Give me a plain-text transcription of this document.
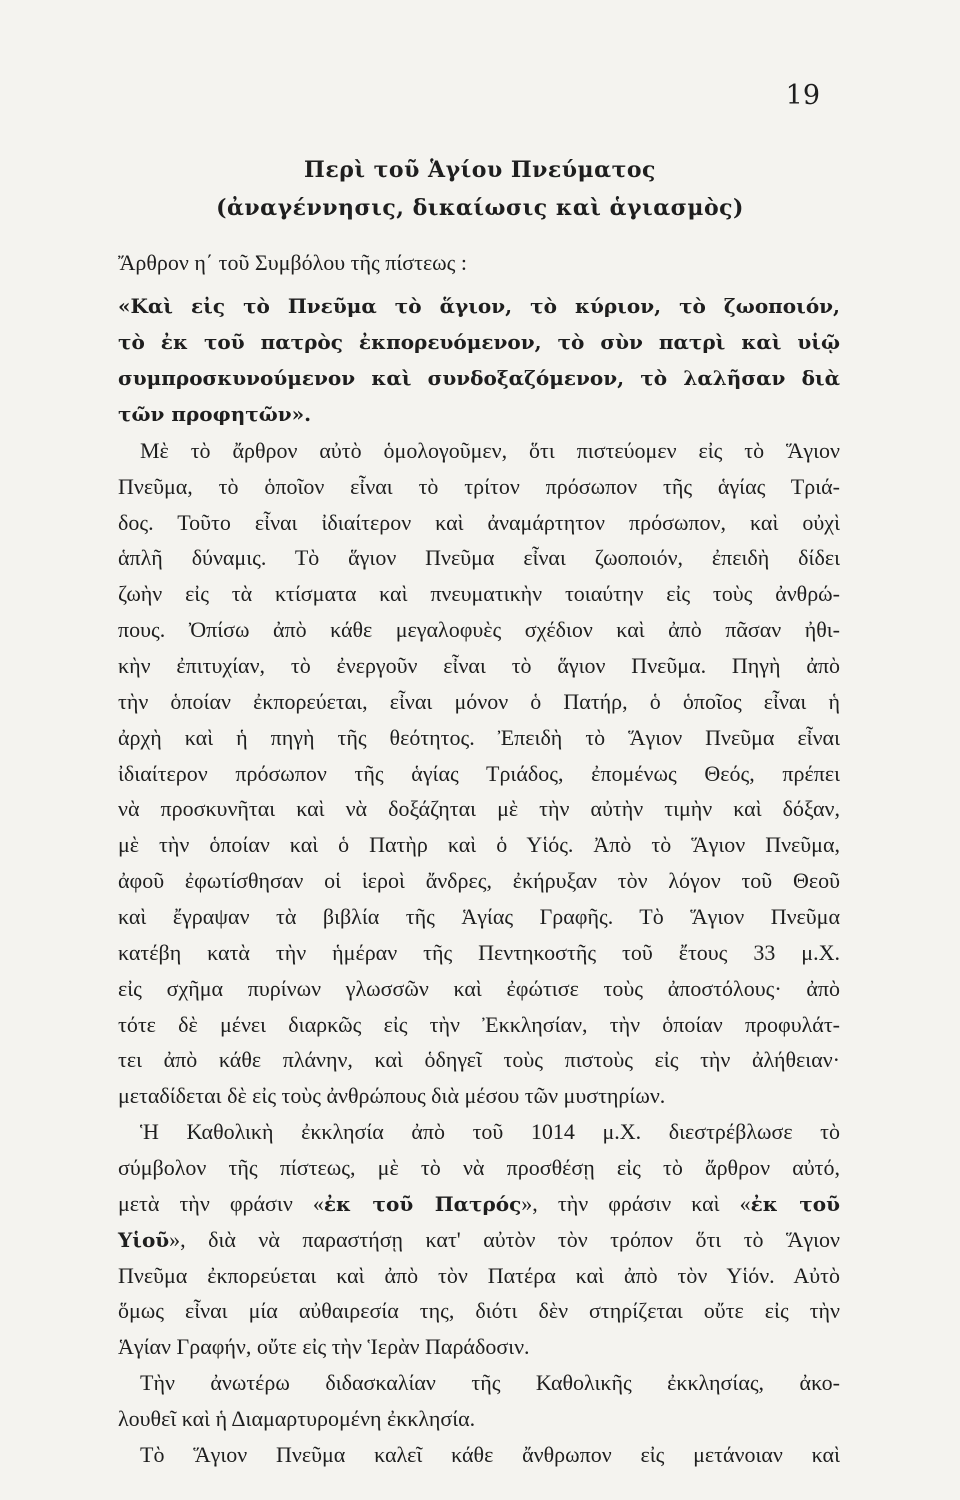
19
Περὶ τοῦ Ἁγίου Πνεύματος
(ἀναγέννησις, δικαίωσις καὶ ἁγιασμὸς)
Ἄρθρον η΄ τοῦ Συμβόλου τῆς πίστεως :
«Καὶ εἰς τὸ Πνεῦμα τὸ ἅγιον, τὸ κύριον, τὸ ζωοποιόν,
τὸ ἐκ τοῦ πατρὸς ἐκπορευόμενον, τὸ σὺν πατρὶ καὶ υἱῷ
συμπροσκυνούμενον καὶ συνδοξαζόμενον, τὸ λαλῆσαν διὰ
τῶν προφητῶν».
Μὲ τὸ ἄρθρον αὐτὸ ὁμολογοῦμεν, ὅτι πιστεύομεν εἰς τὸ Ἅγιον
Πνεῦμα, τὸ ὁποῖον εἶναι τὸ τρίτον πρόσωπον τῆς ἁγίας Τριά-
δος. Τοῦτο εἶναι ἰδιαίτερον καὶ ἀναμάρτητον πρόσωπον, καὶ οὐχὶ
ἁπλῆ δύναμις. Τὸ ἅγιον Πνεῦμα εἶναι ζωοποιόν, ἐπειδὴ δίδει
ζωὴν εἰς τὰ κτίσματα καὶ πνευματικὴν τοιαύτην εἰς τοὺς ἀνθρώ-
πους. Ὀπίσω ἀπὸ κάθε μεγαλοφυὲς σχέδιον καὶ ἀπὸ πᾶσαν ἠθι-
κὴν ἐπιτυχίαν, τὸ ἐνεργοῦν εἶναι τὸ ἅγιον Πνεῦμα. Πηγὴ ἀπὸ
τὴν ὁποίαν ἐκπορεύεται, εἶναι μόνον ὁ Πατήρ, ὁ ὁποῖος εἶναι ἡ
ἀρχὴ καὶ ἡ πηγὴ τῆς θεότητος. Ἐπειδὴ τὸ Ἅγιον Πνεῦμα εἶναι
ἰδιαίτερον πρόσωπον τῆς ἁγίας Τριάδος, ἐπομένως Θεός, πρέπει
νὰ προσκυνῆται καὶ νὰ δοξάζηται μὲ τὴν αὐτὴν τιμὴν καὶ δόξαν,
μὲ τὴν ὁποίαν καὶ ὁ Πατὴρ καὶ ὁ Υἱός. Ἀπὸ τὸ Ἅγιον Πνεῦμα,
ἀφοῦ ἐφωτίσθησαν οἱ ἱεροὶ ἄνδρες, ἐκήρυξαν τὸν λόγον τοῦ Θεοῦ
καὶ ἔγραψαν τὰ βιβλία τῆς Ἁγίας Γραφῆς. Τὸ Ἅγιον Πνεῦμα
κατέβη κατὰ τὴν ἡμέραν τῆς Πεντηκοστῆς τοῦ ἔτους 33 μ.Χ.
εἰς σχῆμα πυρίνων γλωσσῶν καὶ ἐφώτισε τοὺς ἀποστόλους· ἀπὸ
τότε δὲ μένει διαρκῶς εἰς τὴν Ἐκκλησίαν, τὴν ὁποίαν προφυλάτ-
τει ἀπὸ κάθε πλάνην, καὶ ὁδηγεῖ τοὺς πιστοὺς εἰς τὴν ἀλήθειαν·
μεταδίδεται δὲ εἰς τοὺς ἀνθρώπους διὰ μέσου τῶν μυστηρίων.
Ἡ Καθολικὴ ἐκκλησία ἀπὸ τοῦ 1014 μ.Χ. διεστρέβλωσε τὸ
σύμβολον τῆς πίστεως, μὲ τὸ νὰ προσθέσῃ εἰς τὸ ἄρθρον αὐτό,
μετὰ τὴν φράσιν «ἐκ τοῦ Πατρός», τὴν φράσιν καὶ «ἐκ τοῦ
Υἱοῦ», διὰ νὰ παραστήσῃ κατ' αὐτὸν τὸν τρόπον ὅτι τὸ Ἅγιον
Πνεῦμα ἐκπορεύεται καὶ ἀπὸ τὸν Πατέρα καὶ ἀπὸ τὸν Υἱόν. Αὐτὸ
ὅμως εἶναι μία αὐθαιρεσία της, διότι δὲν στηρίζεται οὔτε εἰς τὴν
Ἁγίαν Γραφήν, οὔτε εἰς τὴν Ἱερὰν Παράδοσιν.
Τὴν ἀνωτέρω διδασκαλίαν τῆς Καθολικῆς ἐκκλησίας, ἀκο-
λουθεῖ καὶ ἡ Διαμαρτυρομένη ἐκκλησία.
Τὸ Ἅγιον Πνεῦμα καλεῖ κάθε ἄνθρωπον εἰς μετάνοιαν καὶ
